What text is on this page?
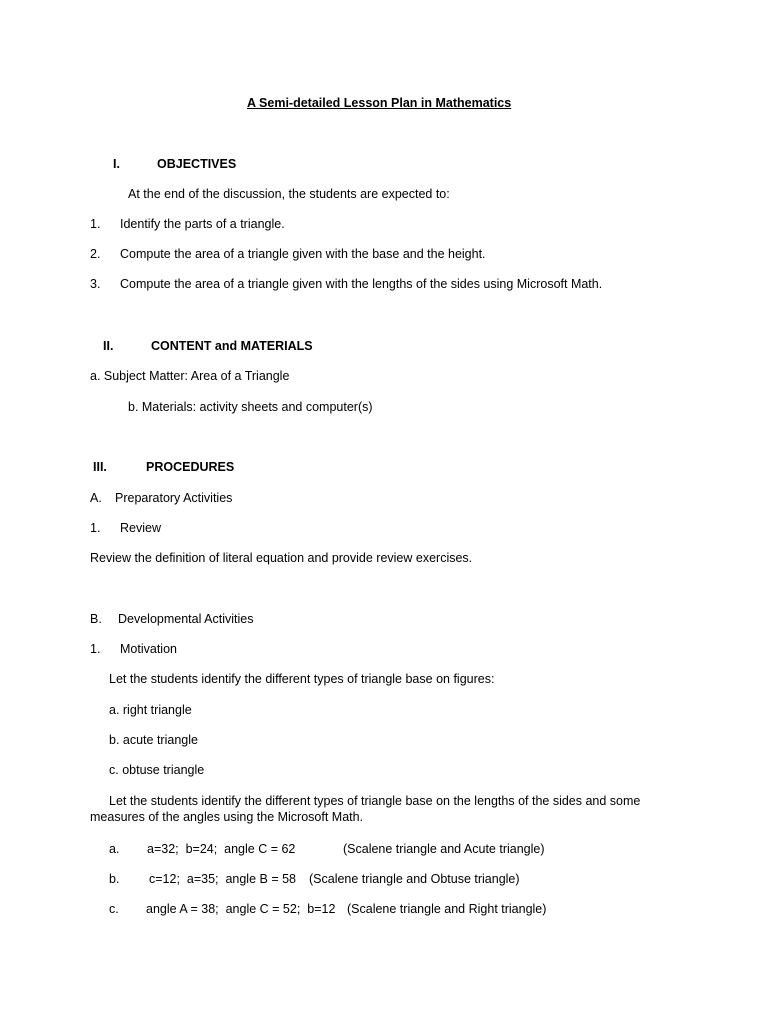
A Semi-detailed Lesson Plan in Mathematics
I.	OBJECTIVES
At the end of the discussion, the students are expected to:
1. Identify the parts of a triangle.
2. Compute the area of a triangle given with the base and the height.
3. Compute the area of a triangle given with the lengths of the sides using Microsoft Math.
II.	CONTENT and MATERIALS
a. Subject Matter: Area of a Triangle
b. Materials: activity sheets and computer(s)
III.	PROCEDURES
A. Preparatory Activities
1. Review
Review the definition of literal equation and provide review exercises.
B. Developmental Activities
1. Motivation
Let the students identify the different types of triangle base on figures:
a. right triangle
b. acute triangle
c. obtuse triangle
Let the students identify the different types of triangle base on the lengths of the sides and some
measures of the angles using the Microsoft Math.
a. a=32;  b=24;  angle C = 62	(Scalene triangle and Acute triangle)
b. c=12;  a=35;  angle B = 58 (Scalene triangle and Obtuse triangle)
c. angle A = 38;  angle C = 52;  b=12 (Scalene triangle and Right triangle)
